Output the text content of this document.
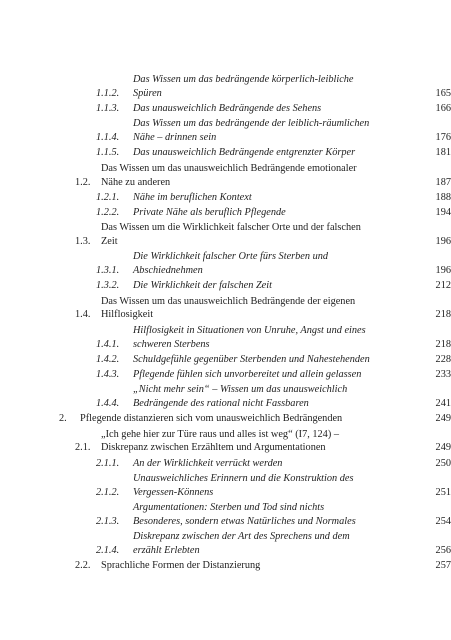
1.1.2.
Das Wissen um das bedrängende körperlich-leibliche Spüren	165
1.1.3.	Das unausweichlich Bedrängende des Sehens	166
1.1.4.
Das Wissen um das bedrängende der leiblich-räumlichen Nähe – drinnen sein	176
1.1.5.	Das unausweichlich Bedrängende entgrenzter Körper	181
1.2.
Das Wissen um das unausweichlich Bedrängende emotionaler Nähe zu anderen	187
1.2.1.	Nähe im beruflichen Kontext	188
1.2.2.	Private Nähe als beruflich Pflegende	194
1.3.
Das Wissen um die Wirklichkeit falscher Orte und der falschen Zeit	196
1.3.1.
Die Wirklichkeit falscher Orte fürs Sterben und Abschiednehmen	196
1.3.2.	Die Wirklichkeit der falschen Zeit	212
1.4.
Das Wissen um das unausweichlich Bedrängende der eigenen Hilflosigkeit	218
1.4.1.
Hilflosigkeit in Situationen von Unruhe, Angst und eines schweren Sterbens	218
1.4.2.	Schuldgefühle gegenüber Sterbenden und Nahestehenden	228
1.4.3.	Pflegende fühlen sich unvorbereitet und allein gelassen	233
1.4.4.
„Nicht mehr sein“ – Wissen um das unausweichlich Bedrängende des rational nicht Fassbaren	241
2.	Pflegende distanzieren sich vom unausweichlich Bedrängenden	249
2.1.
„Ich gehe hier zur Türe raus und alles ist weg“ (I7, 124) – Diskrepanz zwischen Erzähltem und Argumentationen	249
2.1.1.	An der Wirklichkeit verrückt werden	250
2.1.2.
Unausweichliches Erinnern und die Konstruktion des Vergessen-Könnens	251
2.1.3.
Argumentationen: Sterben und Tod sind nichts Besonderes, sondern etwas Natürliches und Normales	254
2.1.4.
Diskrepanz zwischen der Art des Sprechens und dem erzählt Erlebten	256
2.2.	Sprachliche Formen der Distanzierung	257
